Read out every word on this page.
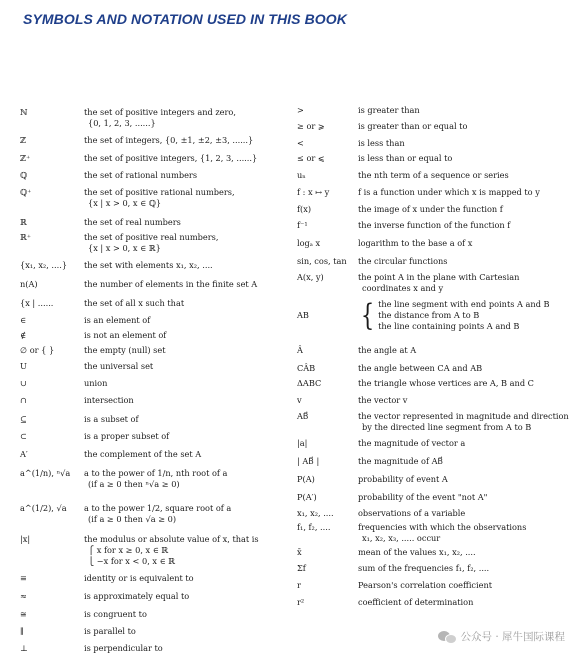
SYMBOLS AND NOTATION USED IN THIS BOOK
ℕ	the set of positive integers and zero,
{0, 1, 2, 3, ......}
ℤ	the set of integers, {0, ±1, ±2, ±3, ......}
ℤ⁺	the set of positive integers, {1, 2, 3, ......}
ℚ	the set of rational numbers
ℚ⁺	the set of positive rational numbers,
{x | x > 0, x ∈ ℚ}
ℝ	the set of real numbers
ℝ⁺	the set of positive real numbers,
{x | x > 0, x ∈ ℝ}
{x₁, x₂, ....}	the set with elements x₁, x₂, ....
n(A)	the number of elements in the finite set A
{x | ......	the set of all x such that
∈	is an element of
∉	is not an element of
∅ or { }	the empty (null) set
U	the universal set
∪	union
∩	intersection
⊆	is a subset of
⊂	is a proper subset of
A′	the complement of the set A
a^(1/n), ⁿ√a	a to the power of 1/n, nth root of a
(if a ≥ 0 then ⁿ√a ≥ 0)
a^(1/2), √a	a to the power 1/2, square root of a
(if a ≥ 0 then √a ≥ 0)
|x|	the modulus or absolute value of x, that is
⎧ x for x ≥ 0, x ∈ ℝ
⎩ −x for x < 0, x ∈ ℝ
≡	identity or is equivalent to
≈	is approximately equal to
≅	is congruent to
∥	is parallel to
⊥	is perpendicular to
>	is greater than
≥ or ⩾	is greater than or equal to
<	is less than
≤ or ⩽	is less than or equal to
uₙ	the nth term of a sequence or series
f : x ↦ y	f is a function under which x is mapped to y
f(x)	the image of x under the function f
f⁻¹	the inverse function of the function f
logₐ x	logarithm to the base a of x
sin, cos, tan	the circular functions
A(x, y)	the point A in the plane with Cartesian
coordinates x and y
AB	{ the line segment with end points A and B
the distance from A to B
the line containing points A and B
Â	the angle at A
CÂB	the angle between CA and AB
ΔABC	the triangle whose vertices are A, B and C
v	the vector v
AB⃗	the vector represented in magnitude and direction
by the directed line segment from A to B
|a|	the magnitude of vector a
| AB⃗ |	the magnitude of AB⃗
P(A)	probability of event A
P(A′)	probability of the event "not A"
x₁, x₂, ....	observations of a variable
f₁, f₂, ....	frequencies with which the observations
x₁, x₂, x₃, ..... occur
x̄	mean of the values x₁, x₂, ....
Σf	sum of the frequencies f₁, f₂, ....
r	Pearson's correlation coefficient
r²	coefficient of determination
公众号 · 犀牛国际课程
